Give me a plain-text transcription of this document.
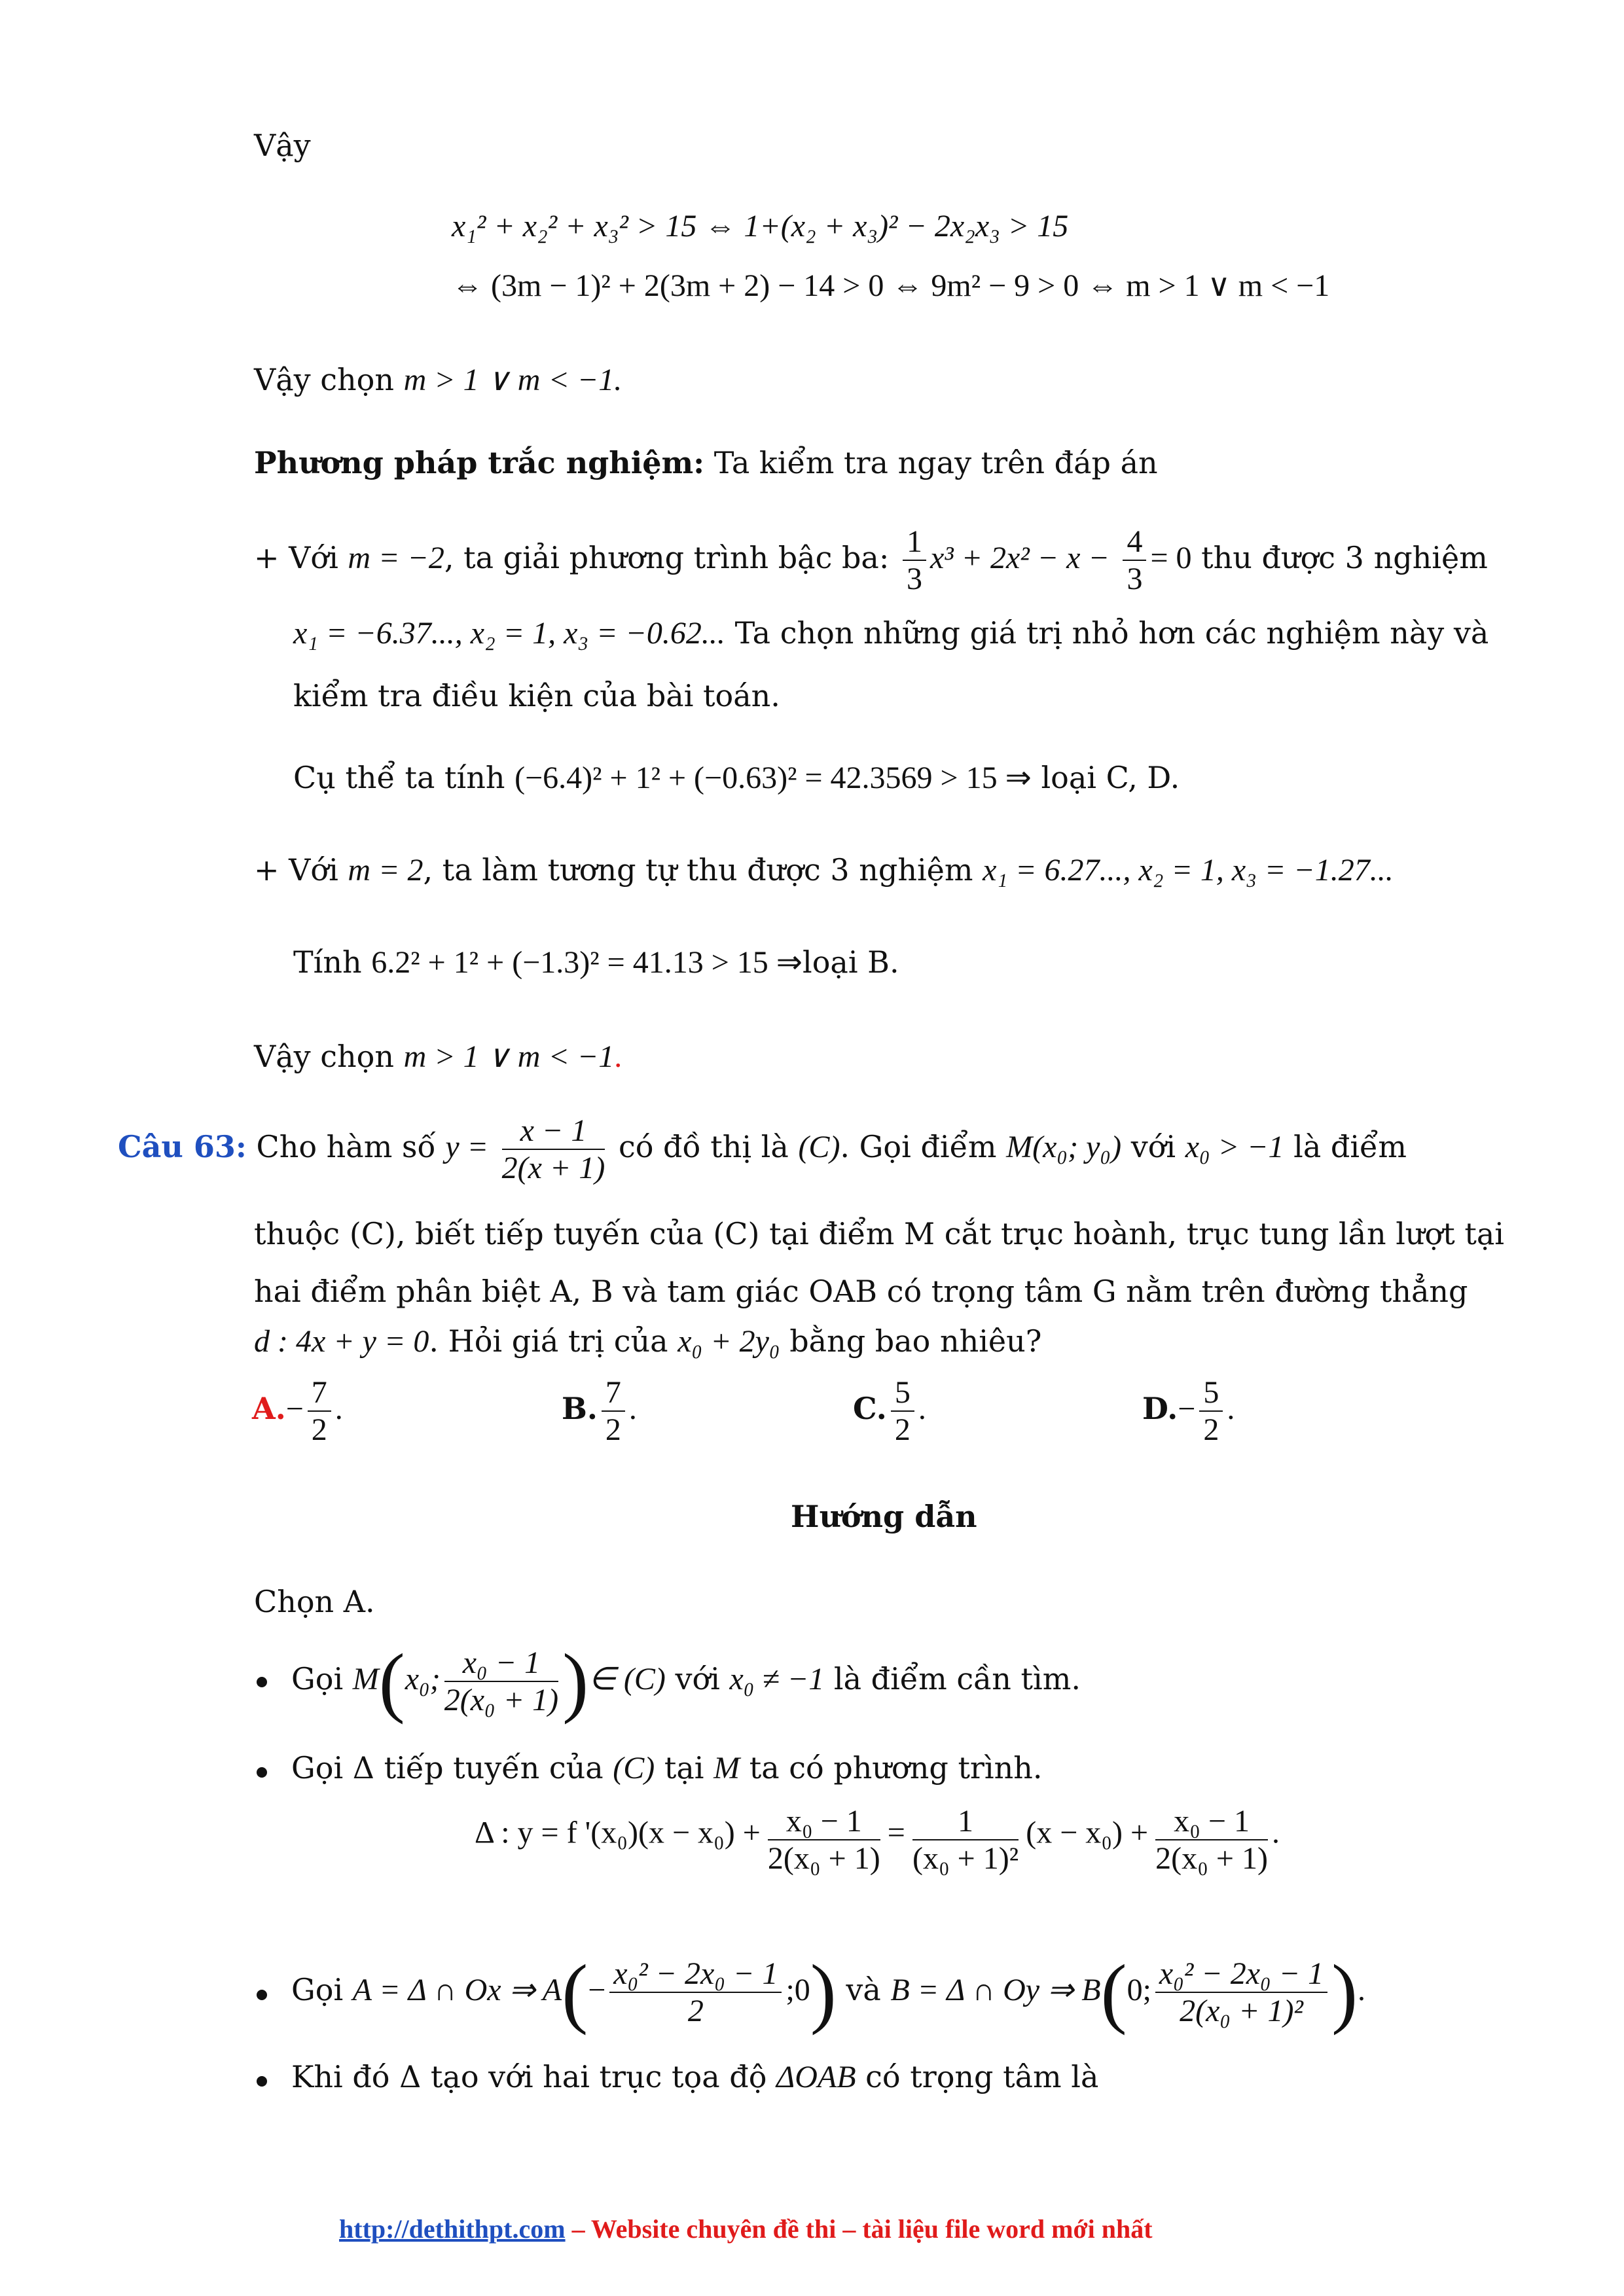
Vậy
x₁² + x₂² + x₃² > 15 ⇔ 1+(x₂ + x₃)² − 2x₂x₃ > 15
⇔ (3m − 1)² + 2(3m + 2) − 14 > 0 ⇔ 9m² − 9 > 0 ⇔ m > 1 ∨ m < −1
Vậy chọn m > 1 ∨ m < −1.
Phương pháp trắc nghiệm: Ta kiểm tra ngay trên đáp án
+ Với m = −2, ta giải phương trình bậc ba: $\frac{1}{3} x^3 + 2x^2 - x - \frac{4}{3} = 0$ thu được 3 nghiệm
x₁ = −6.37..., x₂ = 1, x₃ = −0.62... Ta chọn những giá trị nhỏ hơn các nghiệm này và
kiểm tra điều kiện của bài toán.
Cụ thể ta tính (−6.4)² + 1² + (−0.63)² = 42.3569 > 15 ⇒ loại C, D.
+ Với m = 2, ta làm tương tự thu được 3 nghiệm x₁ = 6.27..., x₂ = 1, x₃ = −1.27...
Tính 6.2² + 1² + (−1.3)² = 41.13 > 15 ⇒loại B.
Vậy chọn m > 1 ∨ m < −1.
Câu 63: Cho hàm số $y = \frac{x - 1}{2(x + 1)}$ có đồ thị là (C). Gọi điểm M(x₀; y₀) với x₀ > −1 là điểm
thuộc (C), biết tiếp tuyến của (C) tại điểm M cắt trục hoành, trục tung lần lượt tại
hai điểm phân biệt A, B và tam giác OAB có trọng tâm G nằm trên đường thẳng
d : 4x + y = 0. Hỏi giá trị của x₀ + 2y₀ bằng bao nhiêu?
$A.- \frac{7}{2}$ .	B. $\frac{7}{2}$ .	C. $\frac{5}{2}$ .	$D.- \frac{5}{2}$ .
Hướng dẫn
Chọn A.
Gọi M(x₀; $\frac{\text{x₀ − 1}}{\text{2(x₀ + 1)}}$ )∈ (C) với x₀ ≠ −1 là điểm cần tìm.
Gọi Δ tiếp tuyến của (C) tại M ta có phương trình.
Δ : y = f '$(x_0)(x - x_0) + \frac{\text{x₀ − 1}}{\text{2(x₀ + 1)}} = \frac{1}{\text{(x₀ + 1)²}} (x - x_0) + \frac{\text{x₀ − 1}}{\text{2(x₀ + 1)}}$ .
Gọi A = Δ ∩ Ox ⇒ $A(- \frac{\text{x₀² − 2x₀ − 1}}{2}$ ;0) và B = Δ ∩ Oy ⇒ B(0; $\frac{\text{x₀² − 2x₀ − 1}}{\text{2(x₀ + 1)²}}$ ).
Khi đó Δ tạo với hai trục tọa độ ΔOAB có trọng tâm là
http://dethithpt.com – Website chuyên đề thi – tài liệu file word mới nhất
